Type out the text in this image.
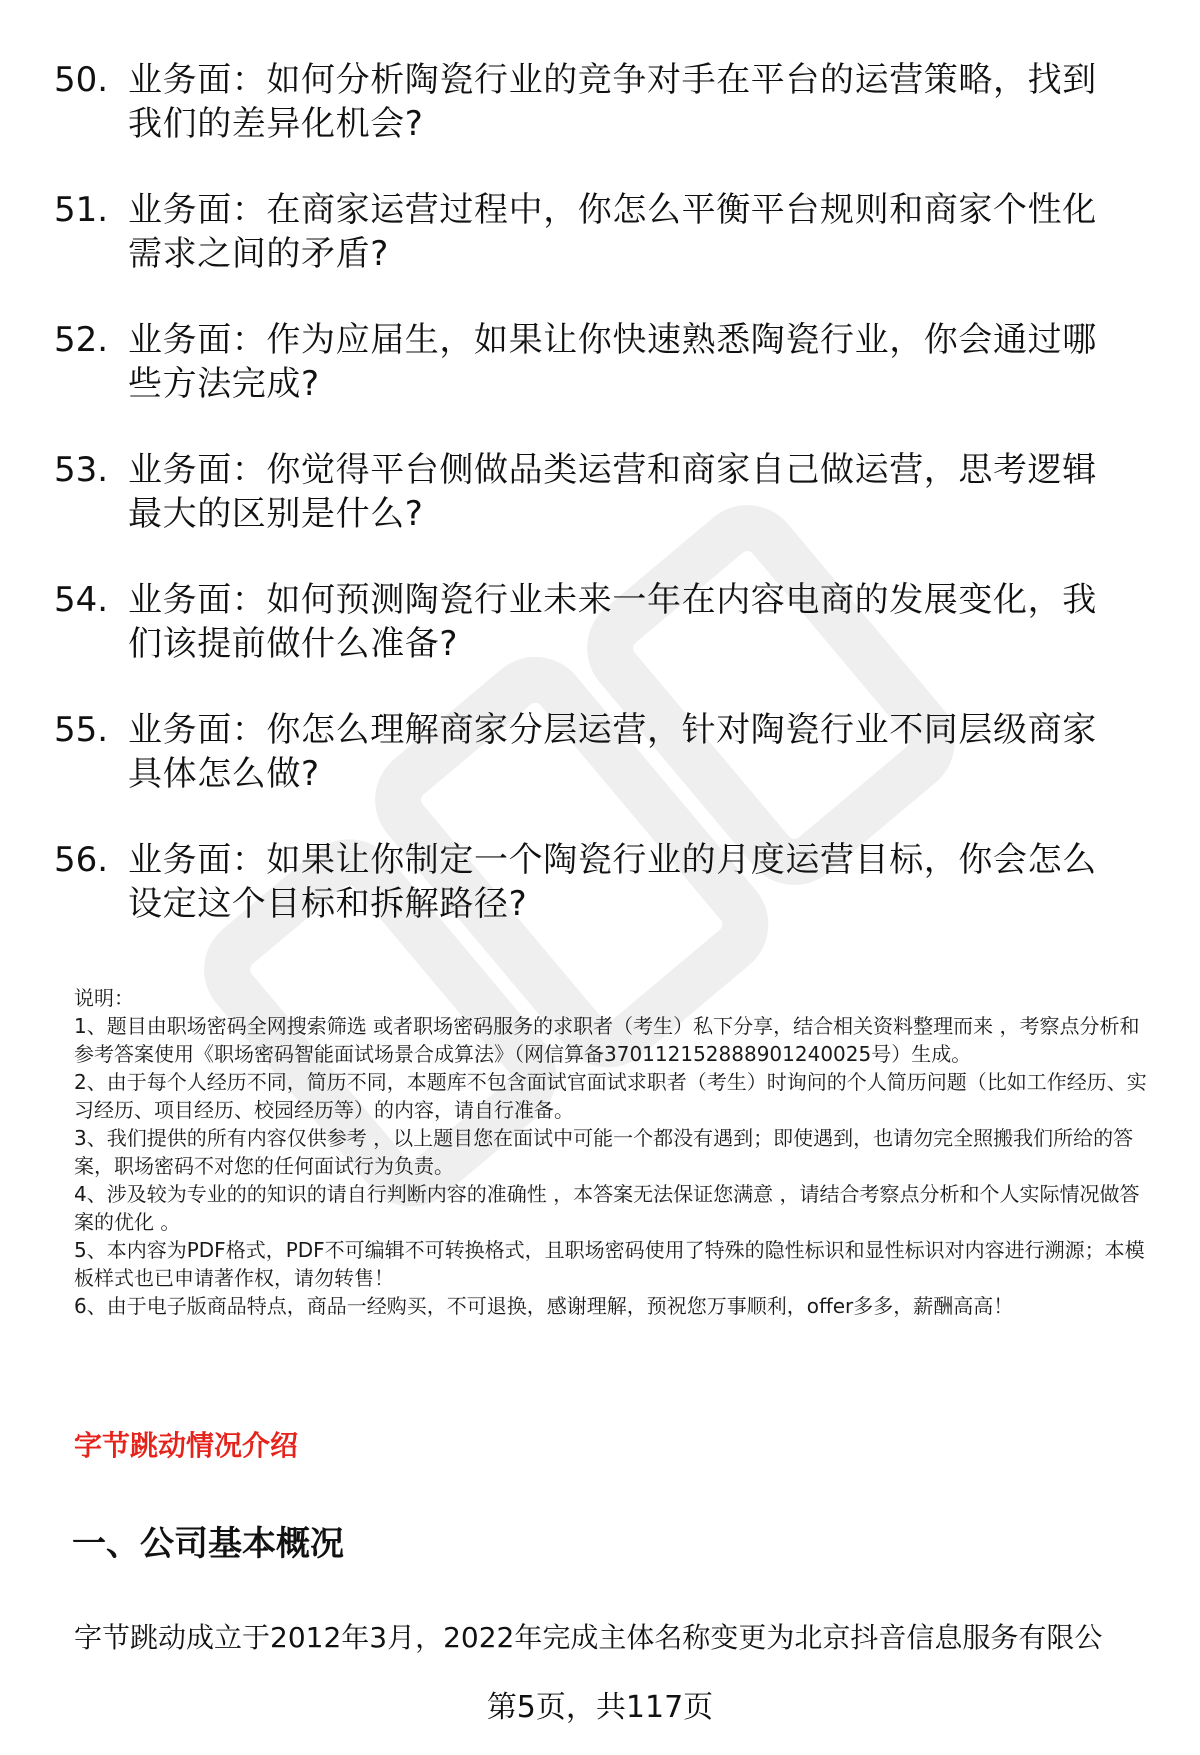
50. 业务面：如何分析陶瓷行业的竞争对手在平台的运营策略，找到我们的差异化机会?
51. 业务面：在商家运营过程中，你怎么平衡平台规则和商家个性化需求之间的矛盾?
52. 业务面：作为应届生，如果让你快速熟悉陶瓷行业，你会通过哪些方法完成?
53. 业务面：你觉得平台侧做品类运营和商家自己做运营，思考逻辑最大的区别是什么?
54. 业务面：如何预测陶瓷行业未来一年在内容电商的发展变化，我们该提前做什么准备?
55. 业务面：你怎么理解商家分层运营，针对陶瓷行业不同层级商家具体怎么做?
56. 业务面：如果让你制定一个陶瓷行业的月度运营目标，你会怎么设定这个目标和拆解路径?

说明：

1、题目由职场密码全网搜索筛选 或者职场密码服务的求职者（考生）私下分享，结合相关资料整理而来 ，考察点分析和参考答案使用《职场密码智能面试场景合成算法》（网信算备370112152888901240025号）生成。

2、由于每个人经历不同，简历不同，本题库不包含面试官面试求职者（考生）时询问的个人简历问题（比如工作经历、实习经历、项目经历、校园经历等）的内容，请自行准备。

3、我们提供的所有内容仅供参考 ，以上题目您在面试中可能一个都没有遇到；即使遇到，也请勿完全照搬我们所给的答案，职场密码不对您的任何面试行为负责。

4、涉及较为专业的的知识的请自行判断内容的准确性 ，本答案无法保证您满意 ，请结合考察点分析和个人实际情况做答案的优化 。

5、本内容为PDF格式，PDF不可编辑不可转换格式，且职场密码使用了特殊的隐性标识和显性标识对内容进行溯源；本模板样式也已申请著作权，请勿转售！

6、由于电子版商品特点，商品一经购买，不可退换，感谢理解，预祝您万事顺利，offer多多，薪酬高高！

字节跳动情况介绍
一、公司基本概况
字节跳动成立于2012年3月，2022年完成主体名称变更为北京抖音信息服务有限公
第5页，共117页
